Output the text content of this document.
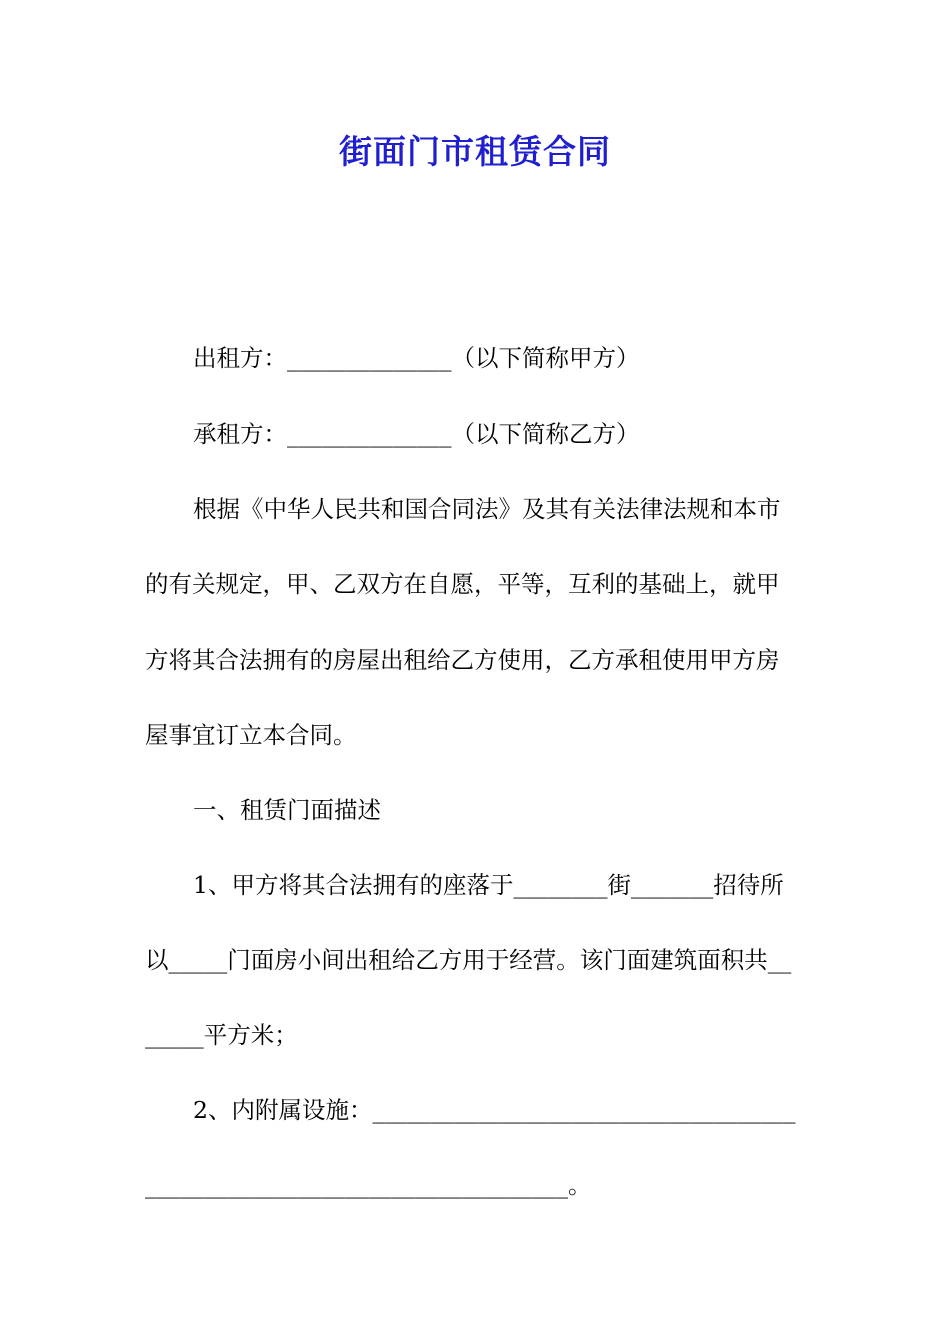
街面门市租赁合同
出租方：______________（以下简称甲方）
承租方：______________（以下简称乙方）
根据《中华人民共和国合同法》及其有关法律法规和本市
的有关规定，甲、乙双方在自愿，平等，互利的基础上，就甲
方将其合法拥有的房屋出租给乙方使用，乙方承租使用甲方房
屋事宜订立本合同。
一、租赁门面描述
1、甲方将其合法拥有的座落于________街_______招待所
以_____门面房小间出租给乙方用于经营。该门面建筑面积共__
_____平方米；
2、内附属设施：____________________________________
____________________________________。
